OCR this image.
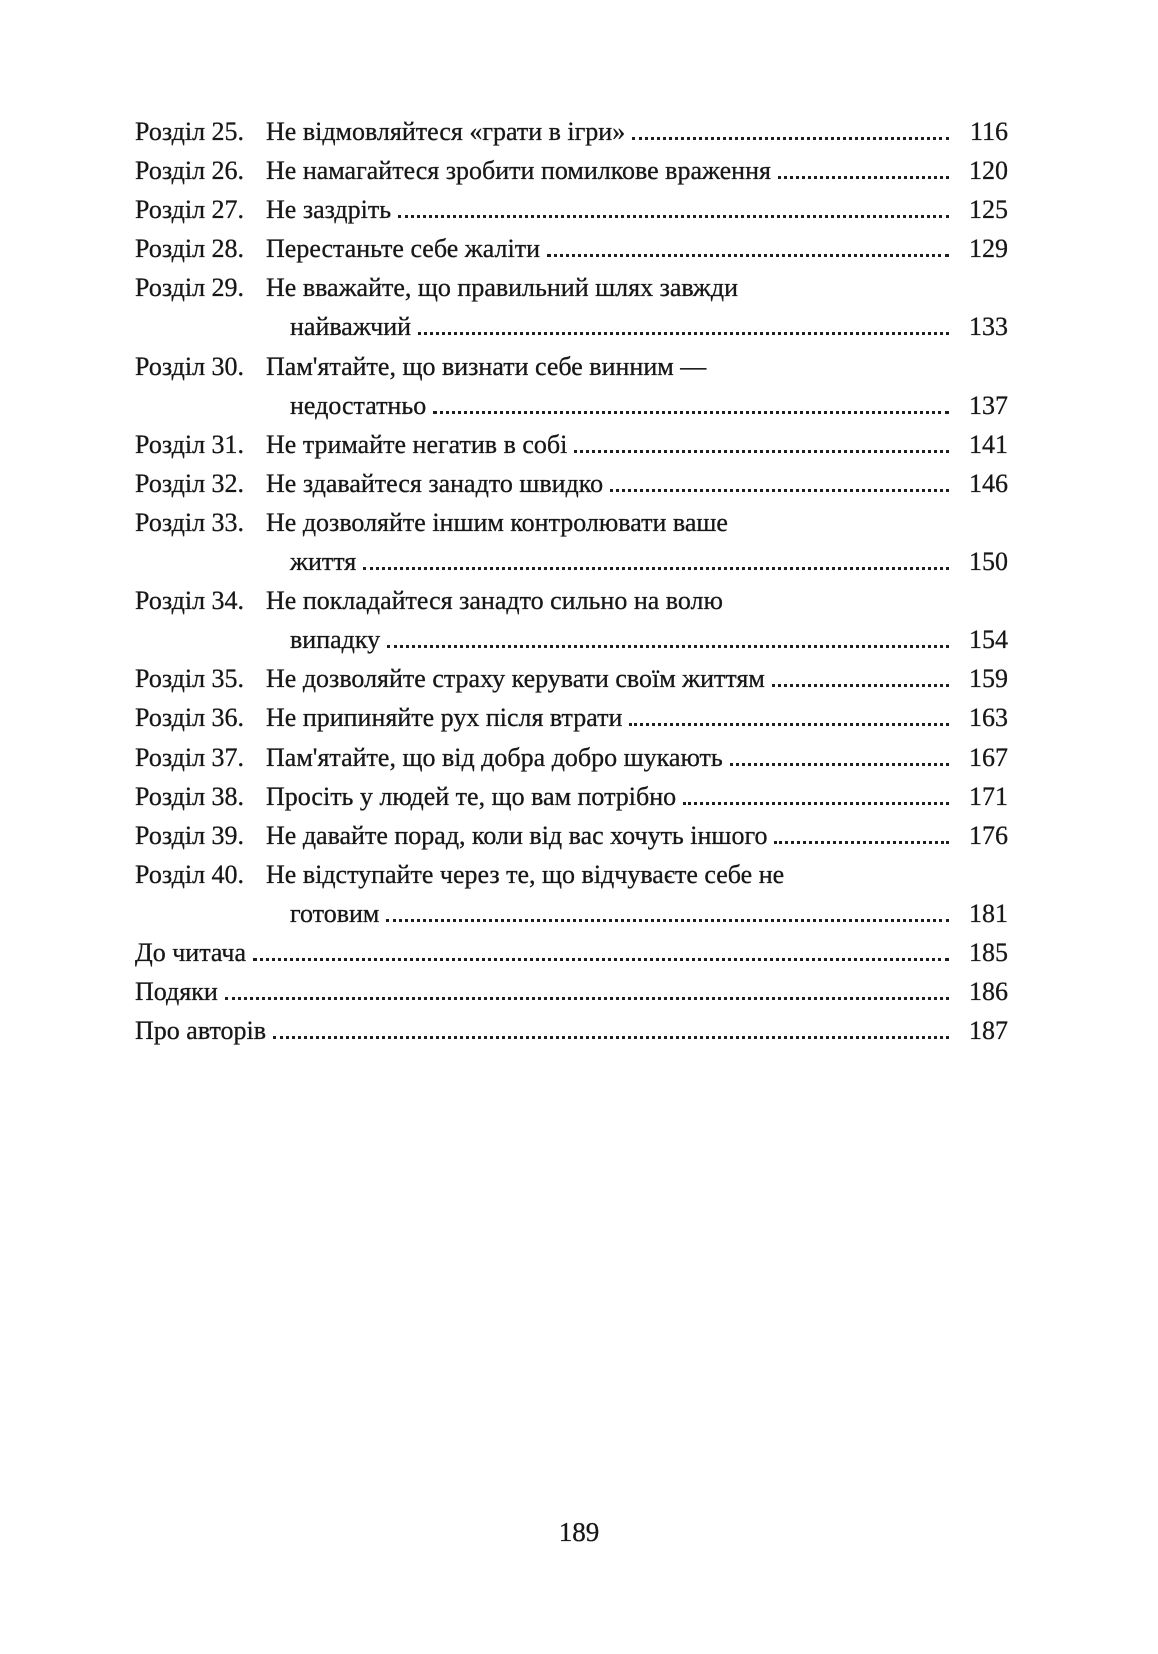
Розділ 25. Не відмовляйтеся «грати в ігри»	116
Розділ 26. Не намагайтеся зробити помилкове враження	120
Розділ 27. Не заздріть	125
Розділ 28. Перестаньте себе жаліти	129
Розділ 29. Не вважайте, що правильний шлях завжди
найважчий	133
Розділ 30. Пам'ятайте, що визнати себе винним —
недостатньо	137
Розділ 31. Не тримайте негатив в собі	141
Розділ 32. Не здавайтеся занадто швидко	146
Розділ 33. Не дозволяйте іншим контролювати ваше
життя	150
Розділ 34. Не покладайтеся занадто сильно на волю
випадку	154
Розділ 35. Не дозволяйте страху керувати своїм життям	159
Розділ 36. Не припиняйте рух після втрати	163
Розділ 37. Пам'ятайте, що від добра добро шукають	167
Розділ 38. Просіть у людей те, що вам потрібно	171
Розділ 39. Не давайте порад, коли від вас хочуть іншого	176
Розділ 40. Не відступайте через те, що відчуваєте себе не
готовим	181
До читача	185
Подяки	186
Про авторів	187
189
